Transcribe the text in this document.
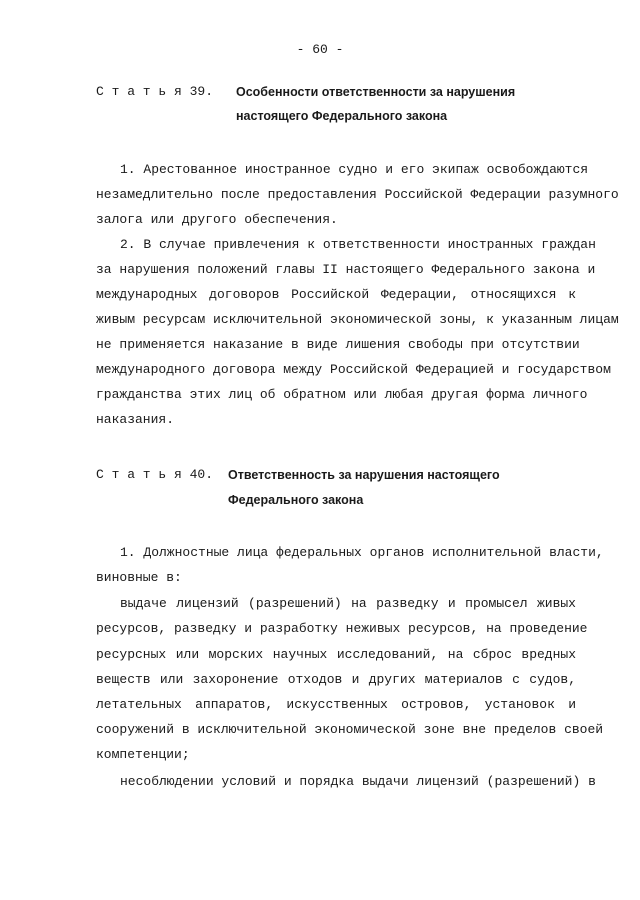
- 60 -
С т а т ь я 39. Особенности ответственности за нарушения
настоящего Федерального закона
1. Арестованное иностранное судно и его экипаж освобождаются
незамедлительно после предоставления Российской Федерации разумного
залога или другого обеспечения.
2. В случае привлечения к ответственности иностранных граждан
за нарушения положений главы II настоящего Федерального закона и
международных договоров Российской Федерации, относящихся к
живым ресурсам исключительной экономической зоны, к указанным лицам
не применяется наказание в виде лишения свободы при отсутствии
международного договора между Российской Федерацией и государством
гражданства этих лиц об обратном или любая другая форма личного
наказания.
С т а т ь я 40. Ответственность за нарушения настоящего
Федерального закона
1. Должностные лица федеральных органов исполнительной власти,
виновные в:
выдаче лицензий (разрешений) на разведку и промысел живых
ресурсов, разведку и разработку неживых ресурсов, на проведение
ресурсных или морских научных исследований, на сброс вредных
веществ или захоронение отходов и других материалов с судов,
летательных аппаратов, искусственных островов, установок и
сооружений в исключительной экономической зоне вне пределов своей
компетенции;
несоблюдении условий и порядка выдачи лицензий (разрешений) в
